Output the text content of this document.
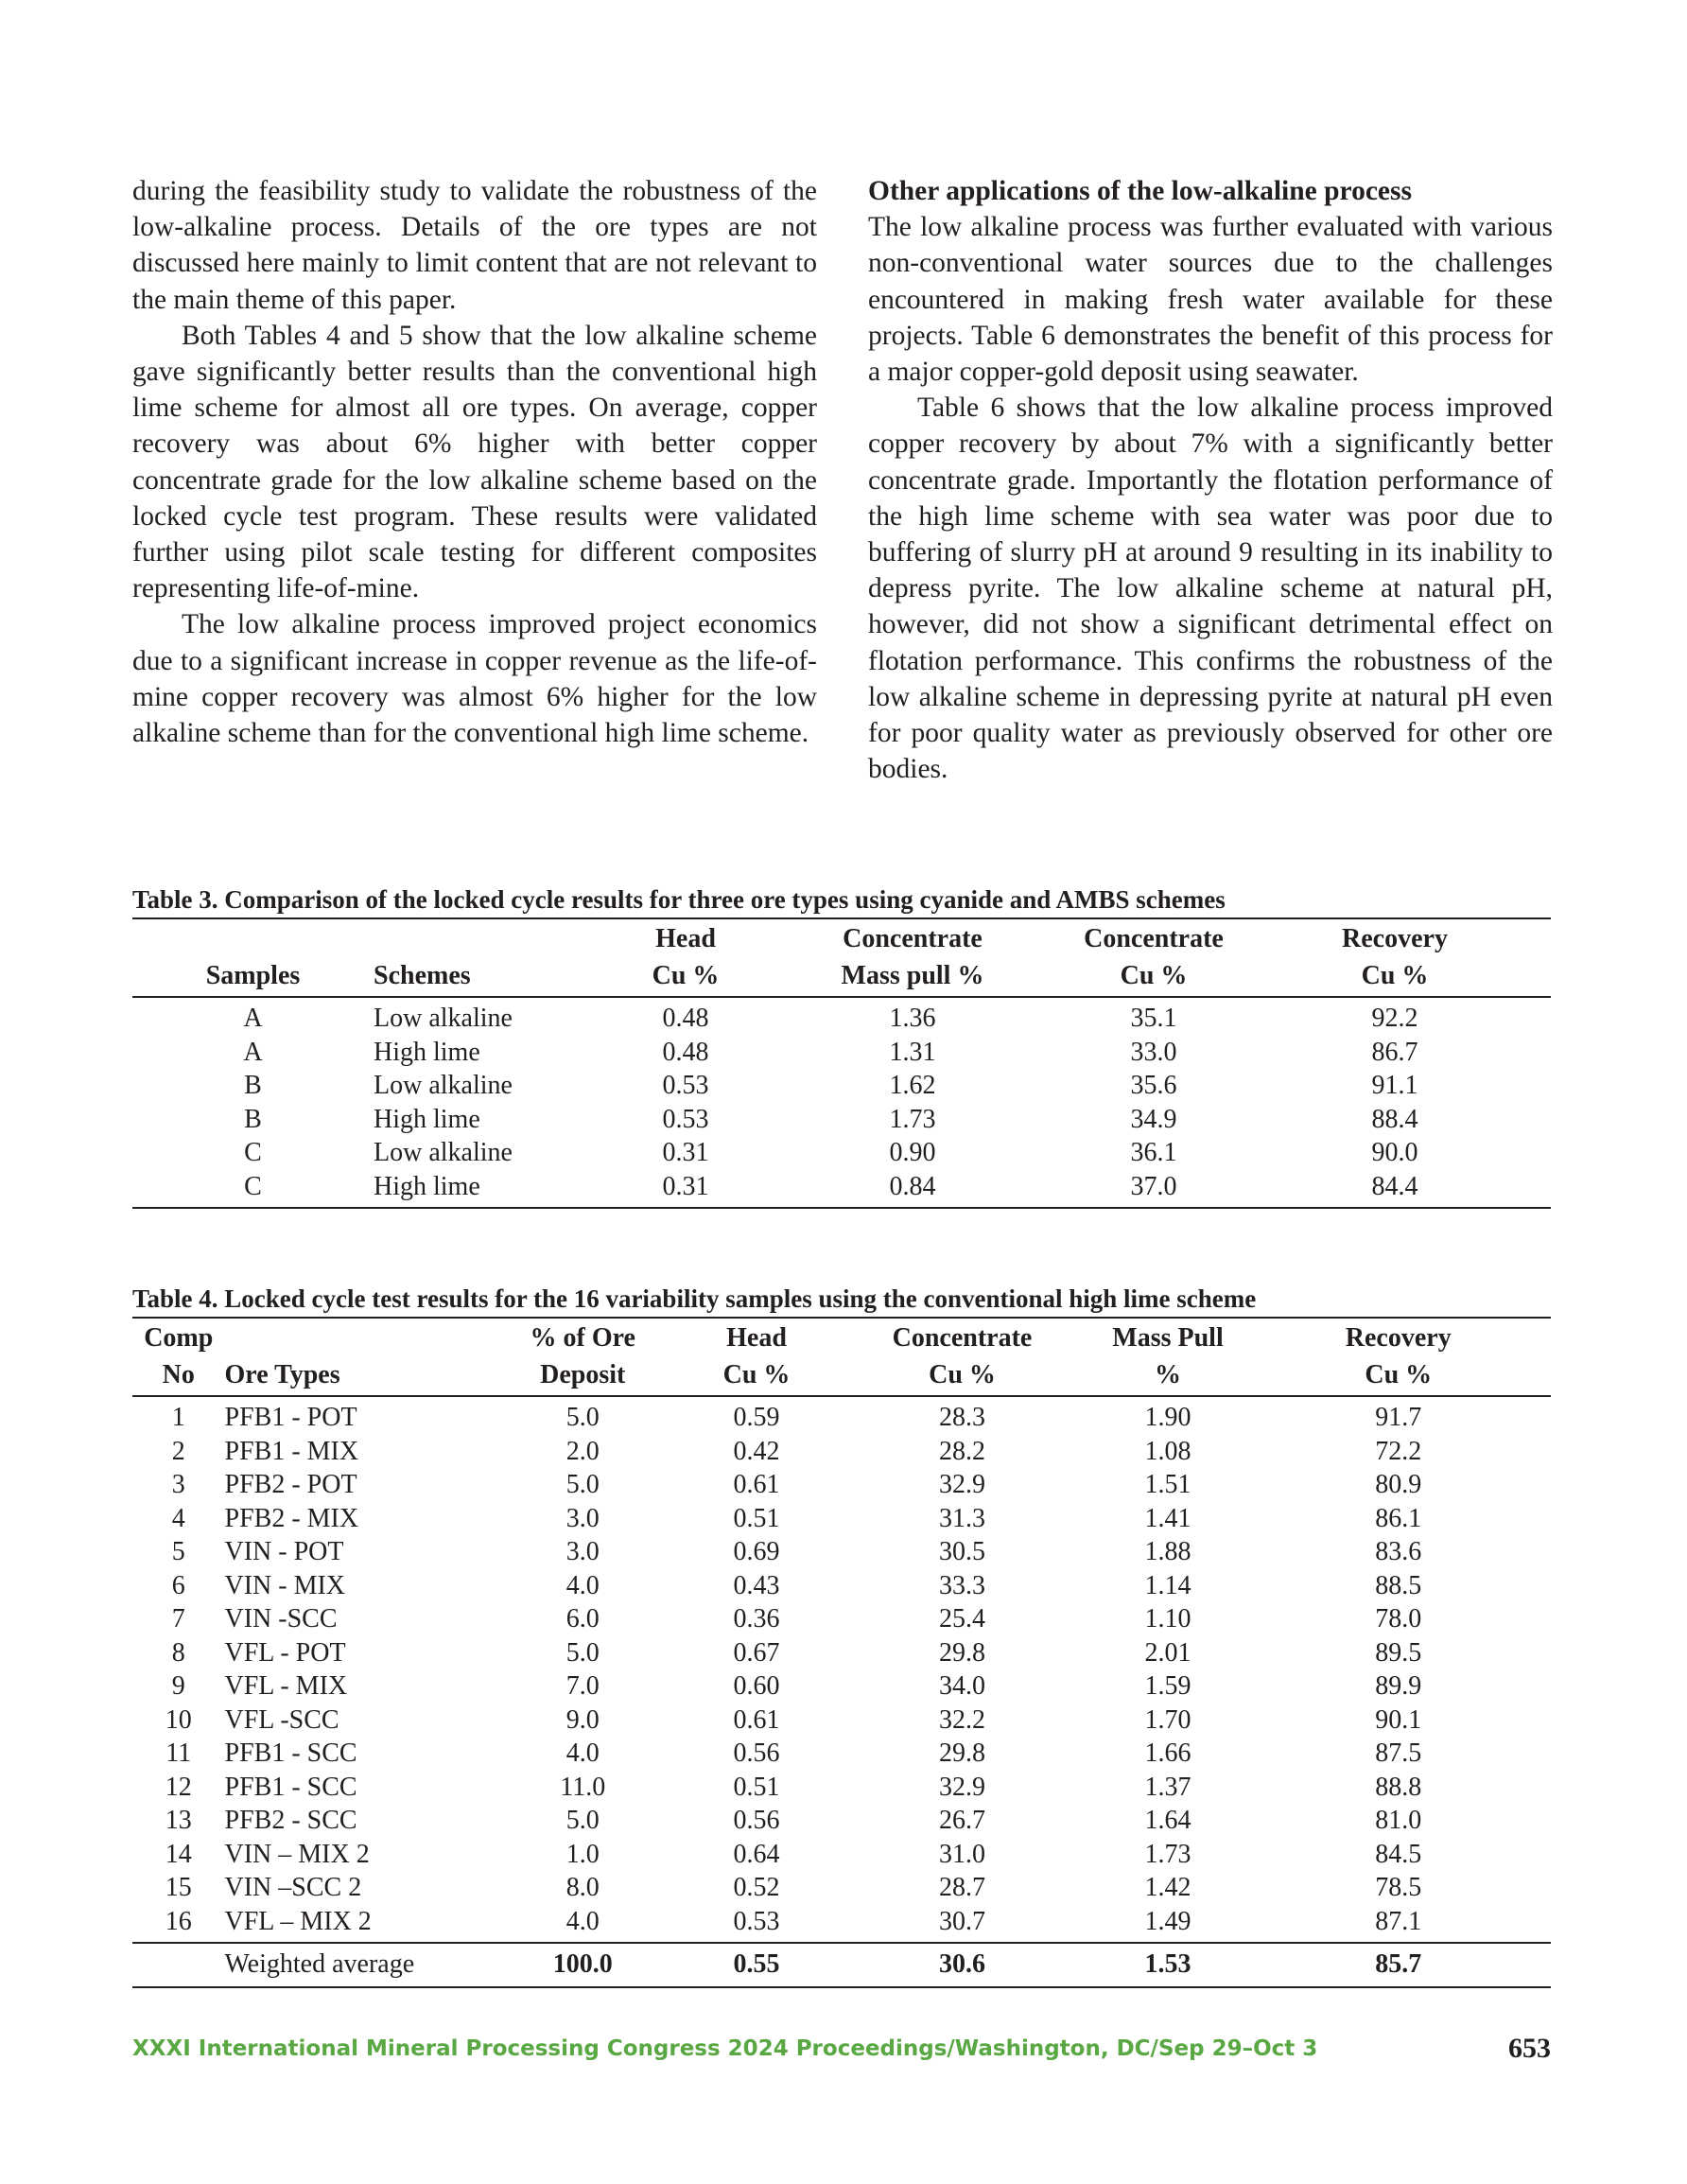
during the feasibility study to validate the robustness of the low-alkaline process. Details of the ore types are not discussed here mainly to limit content that are not relevant to the main theme of this paper.

Both Tables 4 and 5 show that the low alkaline scheme gave significantly better results than the conventional high lime scheme for almost all ore types. On average, copper recovery was about 6% higher with better copper concentrate grade for the low alkaline scheme based on the locked cycle test program. These results were validated further using pilot scale testing for different composites representing life-of-mine.

The low alkaline process improved project economics due to a significant increase in copper revenue as the life-of-mine copper recovery was almost 6% higher for the low alkaline scheme than for the conventional high lime scheme.

Other applications of the low-alkaline process

The low alkaline process was further evaluated with various non-conventional water sources due to the challenges encountered in making fresh water available for these projects. Table 6 demonstrates the benefit of this process for a major copper-gold deposit using seawater.

Table 6 shows that the low alkaline process improved copper recovery by about 7% with a significantly better concentrate grade. Importantly the flotation performance of the high lime scheme with sea water was poor due to buffering of slurry pH at around 9 resulting in its inability to depress pyrite. The low alkaline scheme at natural pH, however, did not show a significant detrimental effect on flotation performance. This confirms the robustness of the low alkaline scheme in depressing pyrite at natural pH even for poor quality water as previously observed for other ore bodies.

Table 3. Comparison of the locked cycle results for three ore types using cyanide and AMBS schemes
		Head	Concentrate	Concentrate	Recovery
Samples	Schemes	Cu %	Mass pull %	Cu %	Cu %
A	Low alkaline	0.48	1.36	35.1	92.2
A	High lime	0.48	1.31	33.0	86.7
B	Low alkaline	0.53	1.62	35.6	91.1
B	High lime	0.53	1.73	34.9	88.4
C	Low alkaline	0.31	0.90	36.1	90.0
C	High lime	0.31	0.84	37.0	84.4
Table 4. Locked cycle test results for the 16 variability samples using the conventional high lime scheme
Comp		% of Ore	Head	Concentrate	Mass Pull	Recovery
No	Ore Types	Deposit	Cu %	Cu %	%	Cu %
1	PFB1 - POT	5.0	0.59	28.3	1.90	91.7
2	PFB1 - MIX	2.0	0.42	28.2	1.08	72.2
3	PFB2 - POT	5.0	0.61	32.9	1.51	80.9
4	PFB2 - MIX	3.0	0.51	31.3	1.41	86.1
5	VIN - POT	3.0	0.69	30.5	1.88	83.6
6	VIN - MIX	4.0	0.43	33.3	1.14	88.5
7	VIN -SCC	6.0	0.36	25.4	1.10	78.0
8	VFL - POT	5.0	0.67	29.8	2.01	89.5
9	VFL - MIX	7.0	0.60	34.0	1.59	89.9
10	VFL -SCC	9.0	0.61	32.2	1.70	90.1
11	PFB1 - SCC	4.0	0.56	29.8	1.66	87.5
12	PFB1 - SCC	11.0	0.51	32.9	1.37	88.8
13	PFB2 - SCC	5.0	0.56	26.7	1.64	81.0
14	VIN – MIX 2	1.0	0.64	31.0	1.73	84.5
15	VIN –SCC 2	8.0	0.52	28.7	1.42	78.5
16	VFL – MIX 2	4.0	0.53	30.7	1.49	87.1
	Weighted average	100.0	0.55	30.6	1.53	85.7
XXXI International Mineral Processing Congress 2024 Proceedings/Washington, DC/Sep 29–Oct 3	653
